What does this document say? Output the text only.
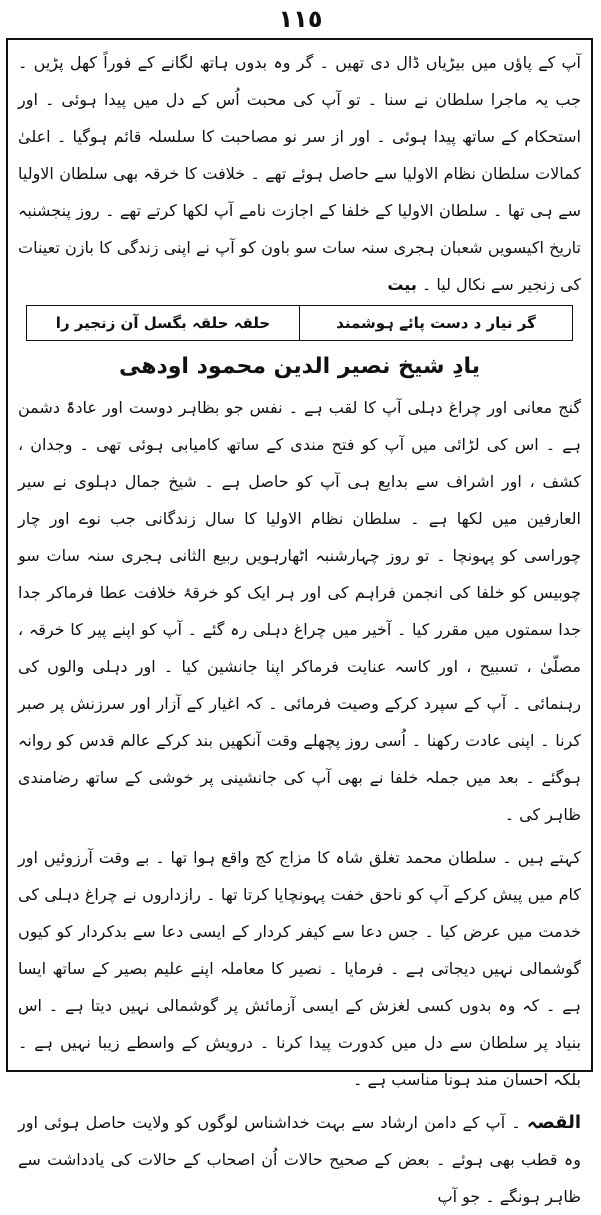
١١٥

آپ کے پاؤں میں بیڑیاں ڈال دی تھیں ۔ گر وہ بدوں ہاتھ لگانے کے فوراً کھل پڑیں ۔ جب یہ ماجرا سلطان نے سنا ۔ تو آپ کی محبت اُس کے دل میں پیدا ہوئی ۔ اور استحکام کے ساتھ پیدا ہوئی ۔ اور از سر نو مصاحبت کا سلسلہ قائم ہوگیا ۔ اعلیٰ کمالات سلطان نظام الاولیا سے حاصل ہوئے تھے ۔ خلافت کا خرقہ بھی سلطان الاولیا سے ہی تھا ۔ سلطان الاولیا کے خلفا کے اجازت نامے آپ لکھا کرتے تھے ۔ روز پنجشنبہ تاریخ اکیسویں شعبان ہجری سنہ سات سو باون کو آپ نے اپنی زندگی کا بازن تعینات کی زنجیر سے نکال لیا ۔ بیت

گر نیار د دست پائے ہوشمند
حلقہ حلقہ بگسل آن زنجیر را
یادِ شیخ نصیر الدین محمود اودھی

گنج معانی اور چراغ دہلی آپ کا لقب ہے ۔ نفس جو بظاہر دوست اور عادۃً دشمن ہے ۔ اس کی لڑائی میں آپ کو فتح مندی کے ساتھ کامیابی ہوئی تھی ۔ وجدان ، کشف ، اور اشراف سے بدایع ہی آپ کو حاصل ہے ۔ شیخ جمال دہلوی نے سیر العارفین میں لکھا ہے ۔ سلطان نظام الاولیا کا سال زندگانی جب نوے اور چار چوراسی کو پہونچا ۔ تو روز چہارشنبہ اٹھارہویں ربیع الثانی ہجری سنہ سات سو چوبیس کو خلفا کی انجمن فراہم کی اور ہر ایک کو خرقۂ خلافت عطا فرماکر جدا جدا سمتوں میں مقرر کیا ۔ آخیر میں چراغ دہلی رہ گئے ۔ آپ کو اپنے پیر کا خرقہ ، مصلّیٰ ، تسبیح ، اور کاسہ عنایت فرماکر اپنا جانشین کیا ۔ اور دہلی والوں کی رہنمائی ۔ آپ کے سپرد کرکے وصیت فرمائی ۔ کہ اغیار کے آزار اور سرزنش پر صبر کرنا ۔ اپنی عادت رکھنا ۔ اُسی روز پچھلے وقت آنکھیں بند کرکے عالم قدس کو روانہ ہوگئے ۔ بعد میں جملہ خلفا نے بھی آپ کی جانشینی پر خوشی کے ساتھ رضامندی ظاہر کی ۔

کہتے ہیں ۔ سلطان محمد تغلق شاہ کا مزاج کج واقع ہوا تھا ۔ بے وقت آرزوئیں اور کام میں پیش کرکے آپ کو ناحق خفت پہونچایا کرتا تھا ۔ رازداروں نے چراغ دہلی کی خدمت میں عرض کیا ۔ جس دعا سے کیفر کردار کے ایسی دعا سے بدکردار کو کیوں گوشمالی نہیں دیجاتی ہے ۔ فرمایا ۔ نصیر کا معاملہ اپنے علیم بصیر کے ساتھ ایسا ہے ۔ کہ وہ بدوں کسی لغزش کے ایسی آزمائش پر گوشمالی نہیں دیتا ہے ۔ اس بنیاد پر سلطان سے دل میں کدورت پیدا کرنا ۔ درویش کے واسطے زیبا نہیں ہے ۔ بلکہ احسان مند ہونا مناسب ہے ۔

القصہ ۔ آپ کے دامن ارشاد سے بہت خداشناس لوگوں کو ولایت حاصل ہوئی اور وہ قطب بھی ہوئے ۔ بعض کے صحیح حالات اُن اصحاب کے حالات کی یادداشت سے ظاہر ہونگے ۔ جو آپ
